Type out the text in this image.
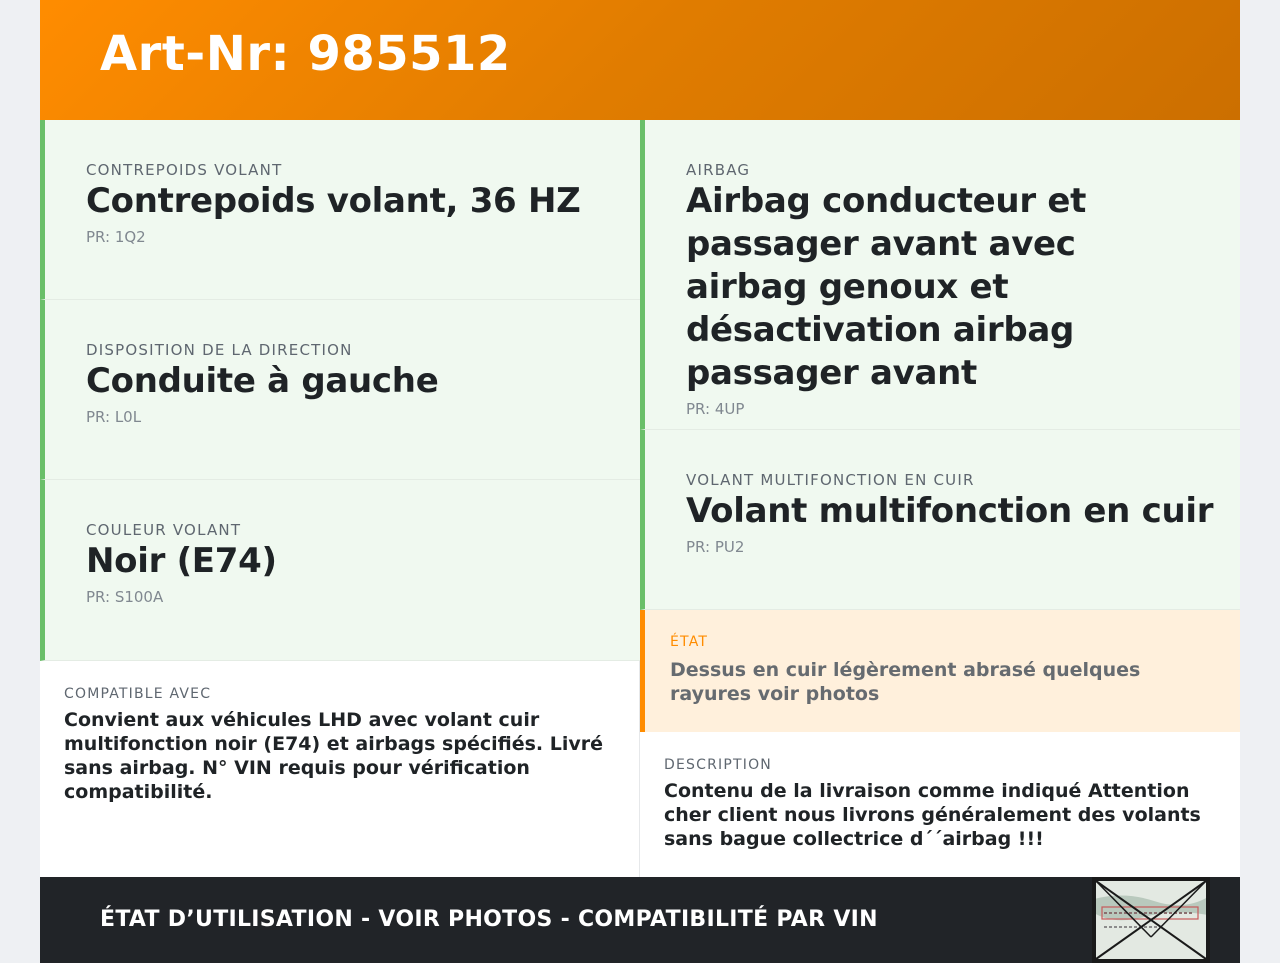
Art-Nr: 985512
CONTREPOIDS VOLANT
Contrepoids volant, 36 HZ
PR: 1Q2
DISPOSITION DE LA DIRECTION
Conduite à gauche
PR: L0L
COULEUR VOLANT
Noir (E74)
PR: S100A
AIRBAG
Airbag conducteur et passager avant avec airbag genoux et désactivation airbag passager avant
PR: 4UP
VOLANT MULTIFONCTION EN CUIR
Volant multifonction en cuir
PR: PU2
ÉTAT
Dessus en cuir légèrement abrasé quelques rayures voir photos
COMPATIBLE AVEC
Convient aux véhicules LHD avec volant cuir multifonction noir (E74) et airbags spécifiés. Livré sans airbag. N° VIN requis pour vérification compatibilité.
DESCRIPTION
Contenu de la livraison comme indiqué Attention cher client nous livrons généralement des volants sans bague collectrice d´´airbag !!!
ÉTAT D’UTILISATION - VOIR PHOTOS - COMPATIBILITÉ PAR VIN
